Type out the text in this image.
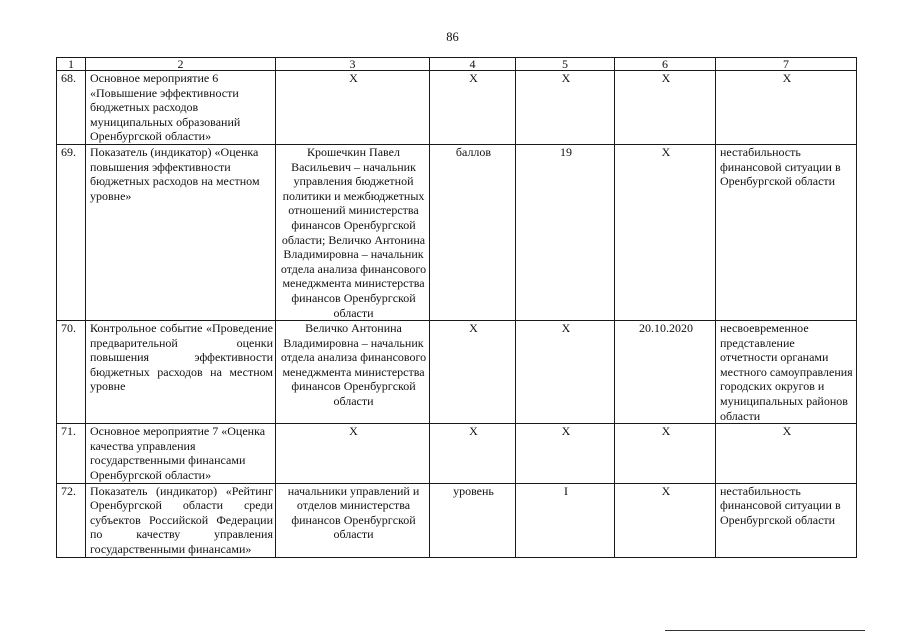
86
1	2	3	4	5	6	7
68.	Основное мероприятие 6 «Повышение эффективности бюджетных расходов муниципальных образований Оренбургской области»	Х	Х	Х	Х	Х
69.	Показатель (индикатор) «Оценка повышения эффективности бюджетных расходов на местном уровне»	Крошечкин Павел Васильевич – начальник управления бюджетной политики и межбюджетных отношений министерства финансов Оренбургской области; Величко Антонина Владимировна – начальник отдела анализа финансового менеджмента министерства финансов Оренбургской области	баллов	19	Х	нестабильность финансовой ситуации в Оренбургской области
70.	Контрольное событие «Проведение предварительной оценки повышения эффективности бюджетных расходов на местном уровне	Величко Антонина Владимировна – начальник отдела анализа финансового менеджмента министерства финансов Оренбургской области	Х	Х	20.10.2020	несвоевременное представление отчетности органами местного самоуправления городских округов и муниципальных районов области
71.	Основное мероприятие 7 «Оценка качества управления государственными финансами Оренбургской области»	Х	Х	Х	Х	Х
72.	Показатель (индикатор) «Рейтинг Оренбургской области среди субъектов Российской Федерации по качеству управления государственными финансами»	начальники управлений и отделов министерства финансов Оренбургской области	уровень	I	Х	нестабильность финансовой ситуации в Оренбургской области
